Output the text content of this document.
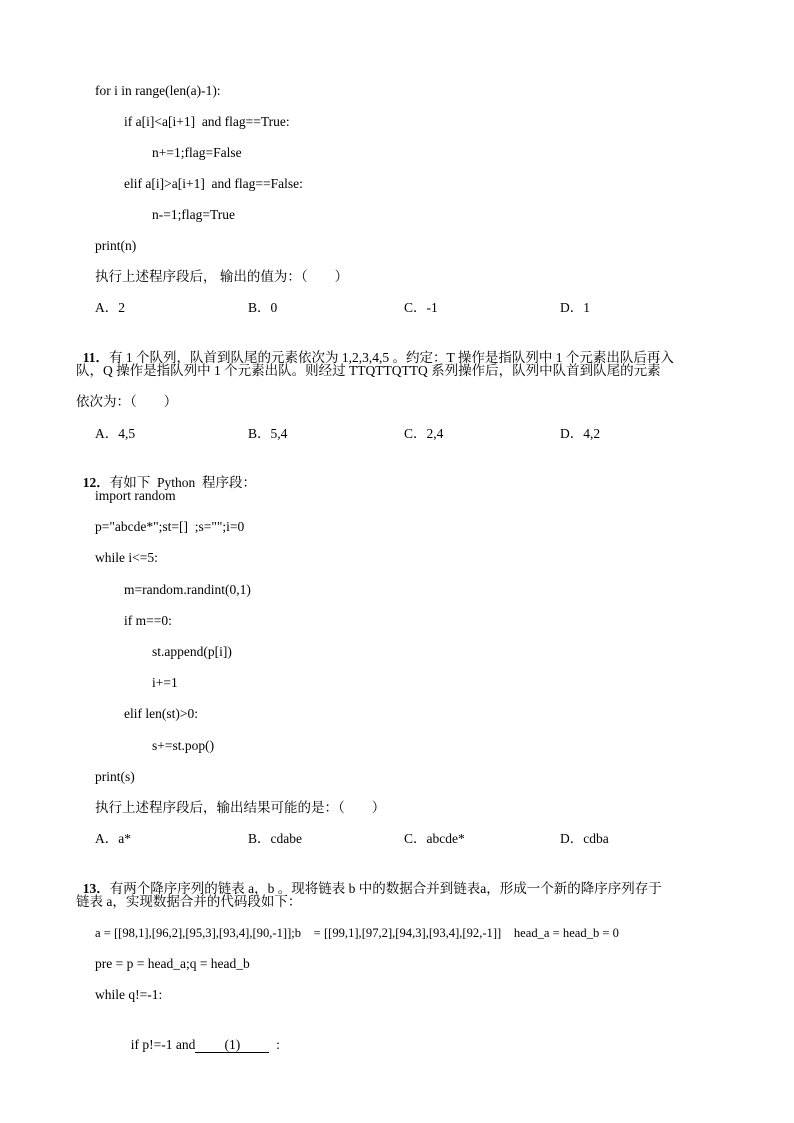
for i in range(len(a)-1):
if a[i]<a[i+1]  and flag==True:
n+=1;flag=False
elif a[i]>a[i+1]  and flag==False:
n-=1;flag=True
print(n)
执行上述程序段后， 输出的值为：（　　）
A．2	B．0	C．-1	D．1

11．有 1 个队列，队首到队尾的元素依次为 1,2,3,4,5 。约定：T 操作是指队列中 1 个元素出队后再入

队，Q 操作是指队列中 1 个元素出队。则经过 TTQTTQTTQ 系列操作后，队列中队首到队尾的元素
依次为：（　　）
A．4,5	B．5,4	C．2,4	D．4,2

12．有如下  Python  程序段：

import random
p="abcde*";st=[]  ;s="";i=0
while i<=5:
m=random.randint(0,1)
if m==0:
st.append(p[i])
i+=1
elif len(st)>0:
s+=st.pop()
print(s)
执行上述程序段后，输出结果可能的是：（　　）
A．a*	B．cdabe	C．abcde*	D．cdba

13．有两个降序序列的链表 a，b 。现将链表 b 中的数据合并到链表a，形成一个新的降序序列存于

链表 a，实现数据合并的代码段如下：
a = [[98,1],[96,2],[95,3],[93,4],[90,-1]];b    = [[99,1],[97,2],[94,3],[93,4],[92,-1]]    head_a = head_b = 0
pre = p = head_a;q = head_b
while q!=-1:

if p!=-1 and (1)  :
